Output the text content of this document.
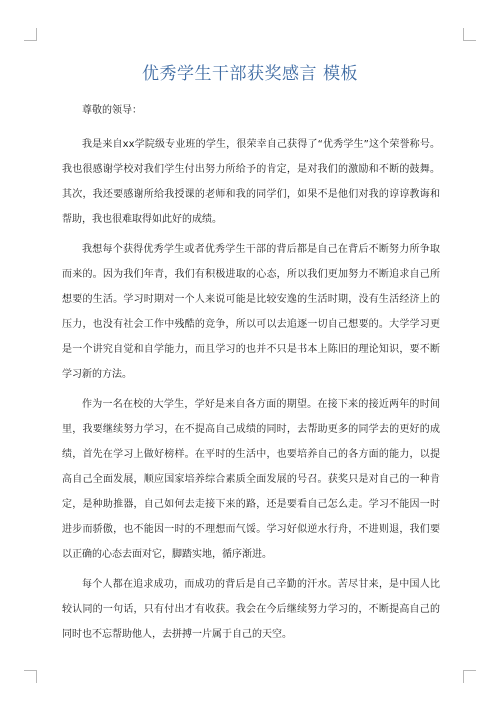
优秀学生干部获奖感言 模板

尊敬的领导：

我是来自xx学院级专业班的学生，很荣幸自己获得了“优秀学生”这个荣誉称号。我也很感谢学校对我们学生付出努力所给予的肯定，是对我们的激励和不断的鼓舞。其次，我还要感谢所给我授课的老师和我的同学们，如果不是他们对我的谆谆教诲和帮助，我也很难取得如此好的成绩。

我想每个获得优秀学生或者优秀学生干部的背后都是自己在背后不断努力所争取而来的。因为我们年青，我们有积极进取的心态，所以我们更加努力不断追求自己所想要的生活。学习时期对一个人来说可能是比较安逸的生活时期，没有生活经济上的压力，也没有社会工作中残酷的竞争，所以可以去追逐一切自己想要的。大学学习更是一个讲究自觉和自学能力，而且学习的也并不只是书本上陈旧的理论知识，要不断学习新的方法。

作为一名在校的大学生，学好是来自各方面的期望。在接下来的接近两年的时间里，我要继续努力学习，在不提高自己成绩的同时，去帮助更多的同学去的更好的成绩，首先在学习上做好榜样。在平时的生活中，也要培养自己的各方面的能力，以提高自己全面发展，顺应国家培养综合素质全面发展的号召。获奖只是对自己的一种肯定，是种助推器，自己如何去走接下来的路，还是要看自己怎么走。学习不能因一时进步而骄傲，也不能因一时的不理想而气馁。学习好似逆水行舟，不进则退，我们要以正确的心态去面对它，脚踏实地，循序渐进。

每个人都在追求成功，而成功的背后是自己辛勤的汗水。苦尽甘来，是中国人比较认同的一句话，只有付出才有收获。我会在今后继续努力学习的，不断提高自己的同时也不忘帮助他人，去拼搏一片属于自己的天空。
